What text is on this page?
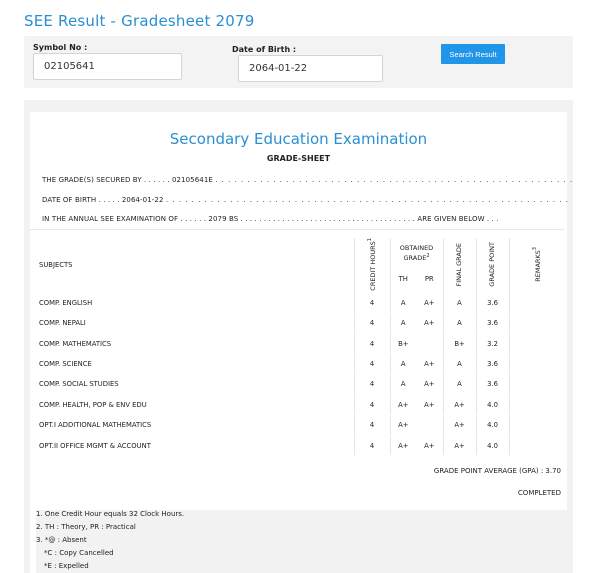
SEE Result - Gradesheet 2079
Symbol No :
02105641
Date of Birth :
2064-01-22
Search Result
Secondary Education Examination
GRADE-SHEET
THE GRADE(S) SECURED BY . . . . . . 02105641E . . . . . . . . . . . . . . . . . . . . . . . . . . . . . . . . . . . . . . . . . . . . . . . . . . . . . . . .
DATE OF BIRTH . . . . . 2064-01-22 . . . . . . . . . . . . . . . . . . . . . . . . . . . . . . . . . . . . . . . . . . . . . . . . . . . . . . . . . . . . . . .
IN THE ANNUAL SEE EXAMINATION OF . . . . . . 2079 BS . . . . . . . . . . . . . . . . . . . . . . . . . . . . . . . . . . . . . . ARE GIVEN BELOW . . .
SUBJECTS	CREDIT HOURS$^1$	OBTAINED GRADE$^2$		FINAL GRADE	GRADE POINT	REMARKS$^3$
		TH	PR			
COMP. ENGLISH	4	A	A+	A	3.6	
COMP. NEPALI	4	A	A+	A	3.6	
COMP. MATHEMATICS	4	B+		B+	3.2	
COMP. SCIENCE	4	A	A+	A	3.6	
COMP. SOCIAL STUDIES	4	A	A+	A	3.6	
COMP. HEALTH, POP & ENV EDU	4	A+	A+	A+	4.0	
OPT.I ADDITIONAL MATHEMATICS	4	A+		A+	4.0	
OPT.II OFFICE MGMT & ACCOUNT	4	A+	A+	A+	4.0	
GRADE POINT AVERAGE (GPA) : 3.70
COMPLETED
1. One Credit Hour equals 32 Clock Hours.
2. TH : Theory, PR : Practical
3. *@ : Absent
*C : Copy Cancelled
*E : Expelled
